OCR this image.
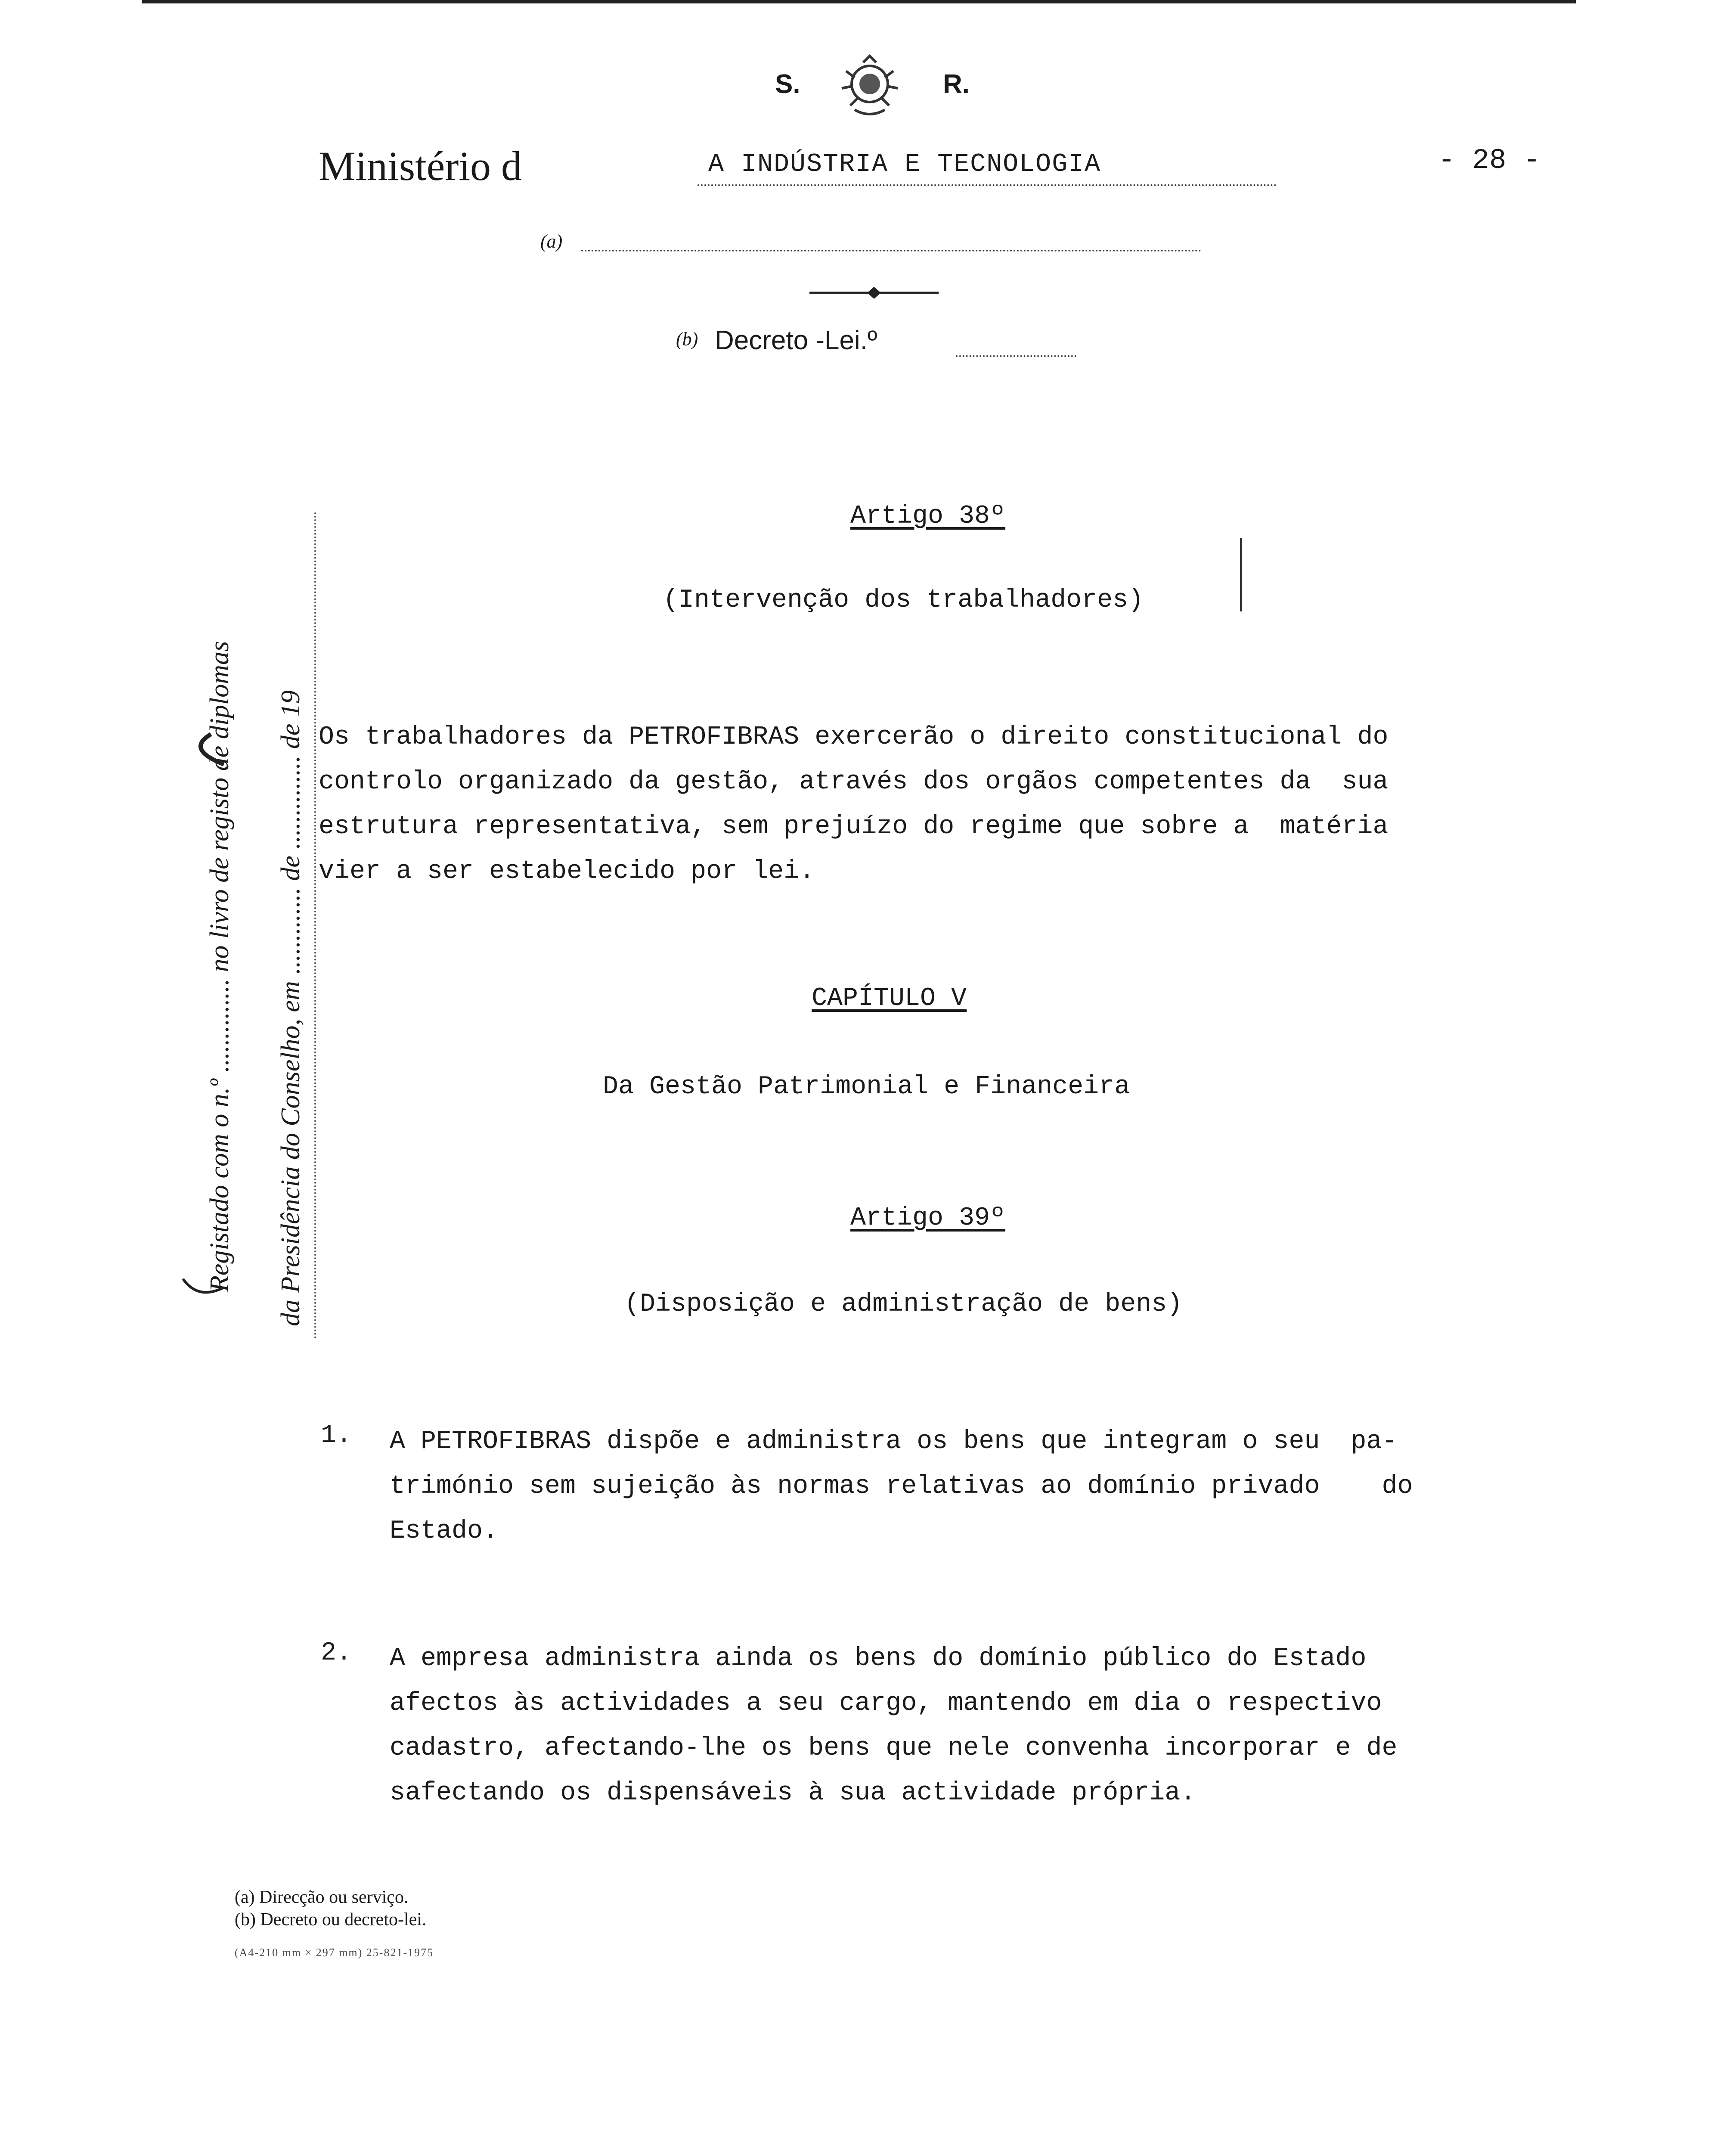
S.	R.
Ministério d	A INDÚSTRIA E TECNOLOGIA	- 28 -
(a)
(b) Decreto -Lei.º
Registado com o n.º .............. no livro de registo de diplomas da Presidência do Conselho, em ............. de .............. de 19
Artigo 38º
(Intervenção dos trabalhadores)
Os trabalhadores da PETROFIBRAS exercerão o direito constitucional do
controlo organizado da gestão, através dos orgãos competentes da  sua
estrutura representativa, sem prejuízo do regime que sobre a  matéria
vier a ser estabelecido por lei.
CAPÍTULO V
Da Gestão Patrimonial e Financeira
Artigo 39º
(Disposição e administração de bens)
1. A PETROFIBRAS dispõe e administra os bens que integram o seu  pa-
trimónio sem sujeição às normas relativas ao domínio privado    do
Estado.
2. A empresa administra ainda os bens do domínio público do Estado
afectos às actividades a seu cargo, mantendo em dia o respectivo
cadastro, afectando-lhe os bens que nele convenha incorporar e de
safectando os dispensáveis à sua actividade própria.
(a) Direcção ou serviço.
(b) Decreto ou decreto-lei.
(A4-210 mm × 297 mm) 25-821-1975
